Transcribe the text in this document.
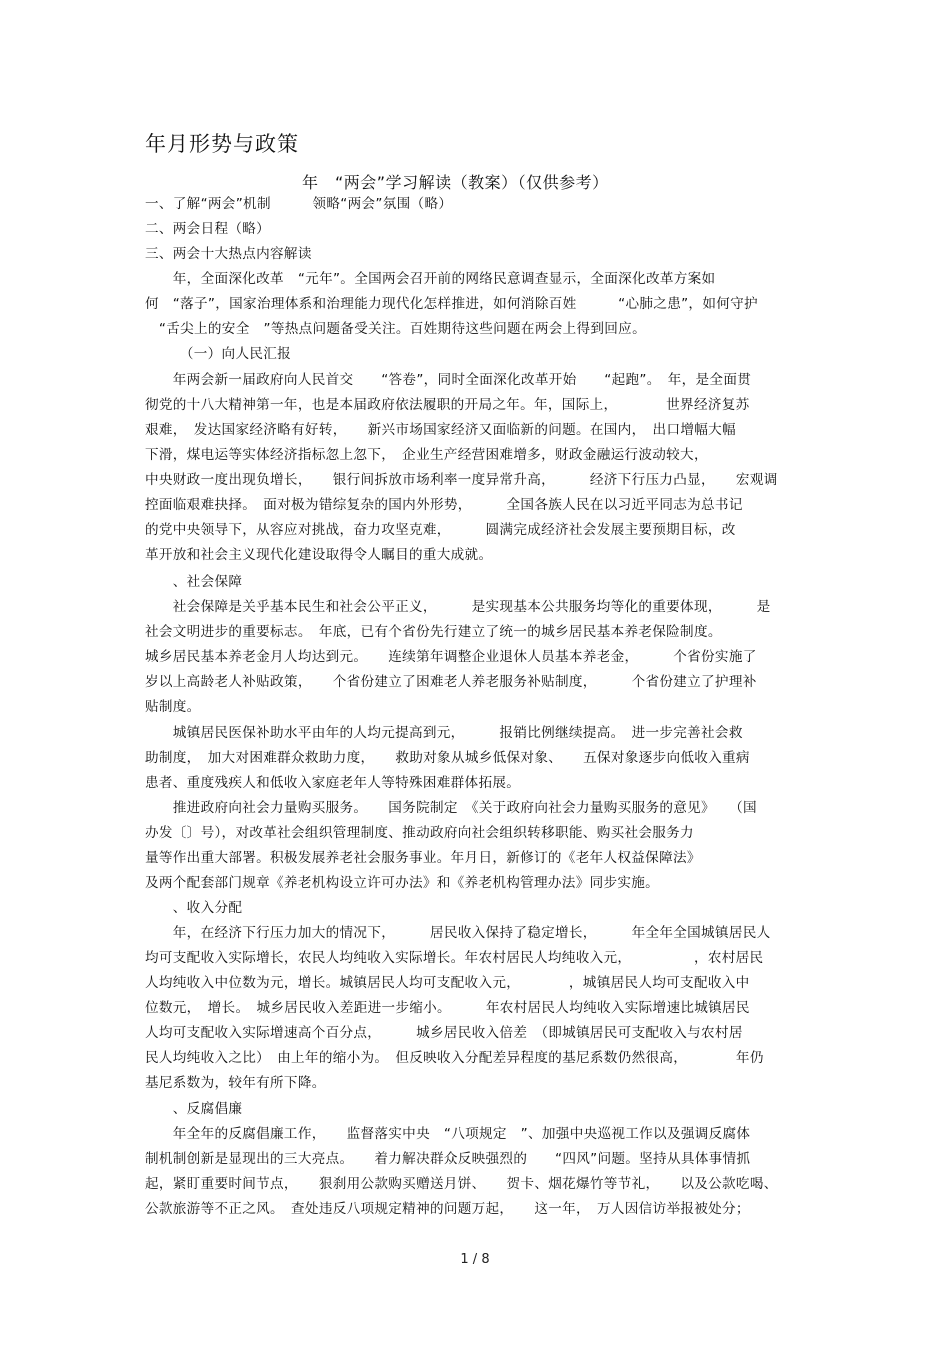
年月形势与政策
年　“两会”学习解读（教案）（仅供参考）
一、了解“两会”机制　　　领略“两会”氛围（略）
二、两会日程（略）
三、两会十大热点内容解读
　　年，全面深化改革　“元年”。全国两会召开前的网络民意调查显示，全面深化改革方案如
何　“落子”，国家治理体系和治理能力现代化怎样推进，如何消除百姓　　　“心肺之患”，如何守护
　“舌尖上的安全　”等热点问题备受关注。百姓期待这些问题在两会上得到回应。
　　　（一）向人民汇报
　　年两会新一届政府向人民首交　　“答卷”，同时全面深化改革开始　　“起跑”。　年，是全面贯
彻党的十八大精神第一年，也是本届政府依法履职的开局之年。年，国际上，　　　　世界经济复苏
艰难，　发达国家经济略有好转，　　新兴市场国家经济又面临新的问题。在国内，　出口增幅大幅
下滑，煤电运等实体经济指标忽上忽下，　企业生产经营困难增多，财政金融运行波动较大，
中央财政一度出现负增长，　　银行间拆放市场利率一度异常升高，　　　经济下行压力凸显，　　宏观调
控面临艰难抉择。　面对极为错综复杂的国内外形势，　　　全国各族人民在以习近平同志为总书记
的党中央领导下，从容应对挑战，奋力攻坚克难，　　　圆满完成经济社会发展主要预期目标，改
革开放和社会主义现代化建设取得令人瞩目的重大成就。
　　、社会保障
　　社会保障是关乎基本民生和社会公平正义，　　　是实现基本公共服务均等化的重要体现，　　　是
社会文明进步的重要标志。　年底，已有个省份先行建立了统一的城乡居民基本养老保险制度。
城乡居民基本养老金月人均达到元。　　连续第年调整企业退休人员基本养老金，　　　个省份实施了
岁以上高龄老人补贴政策，　　个省份建立了困难老人养老服务补贴制度，　　　个省份建立了护理补
贴制度。
　　城镇居民医保补助水平由年的人均元提高到元，　　　报销比例继续提高。　进一步完善社会救
助制度，　加大对困难群众救助力度，　　救助对象从城乡低保对象、　　五保对象逐步向低收入重病
患者、重度残疾人和低收入家庭老年人等特殊困难群体拓展。
　　推进政府向社会力量购买服务。　　国务院制定　《关于政府向社会力量购买服务的意见》　　（国
办发〔〕号），对改革社会组织管理制度、推动政府向社会组织转移职能、购买社会服务力
量等作出重大部署。积极发展养老社会服务事业。年月日，新修订的《老年人权益保障法》
及两个配套部门规章《养老机构设立许可办法》和《养老机构管理办法》同步实施。
　　、收入分配
　　年，在经济下行压力加大的情况下，　　　居民收入保持了稳定增长，　　　年全年全国城镇居民人
均可支配收入实际增长，农民人均纯收入实际增长。年农村居民人均纯收入元，　　　　　，农村居民
人均纯收入中位数为元，增长。城镇居民人均可支配收入元，　　　　，城镇居民人均可支配收入中
位数元，　增长。　城乡居民收入差距进一步缩小。　　　年农村居民人均纯收入实际增速比城镇居民
人均可支配收入实际增速高个百分点，　　　城乡居民收入倍差　（即城镇居民可支配收入与农村居
民人均纯收入之比）　由上年的缩小为。　但反映收入分配差异程度的基尼系数仍然很高，　　　　年仍
基尼系数为，较年有所下降。
　　、反腐倡廉
　　年全年的反腐倡廉工作，　　监督落实中央　“八项规定　”、加强中央巡视工作以及强调反腐体
制机制创新是显现出的三大亮点。　　着力解决群众反映强烈的　　“四风”问题。坚持从具体事情抓
起，紧盯重要时间节点，　　狠刹用公款购买赠送月饼、　　贺卡、烟花爆竹等节礼，　　以及公款吃喝、
公款旅游等不正之风。　查处违反八项规定精神的问题万起，　　这一年，　万人因信访举报被处分；
1 / 8
